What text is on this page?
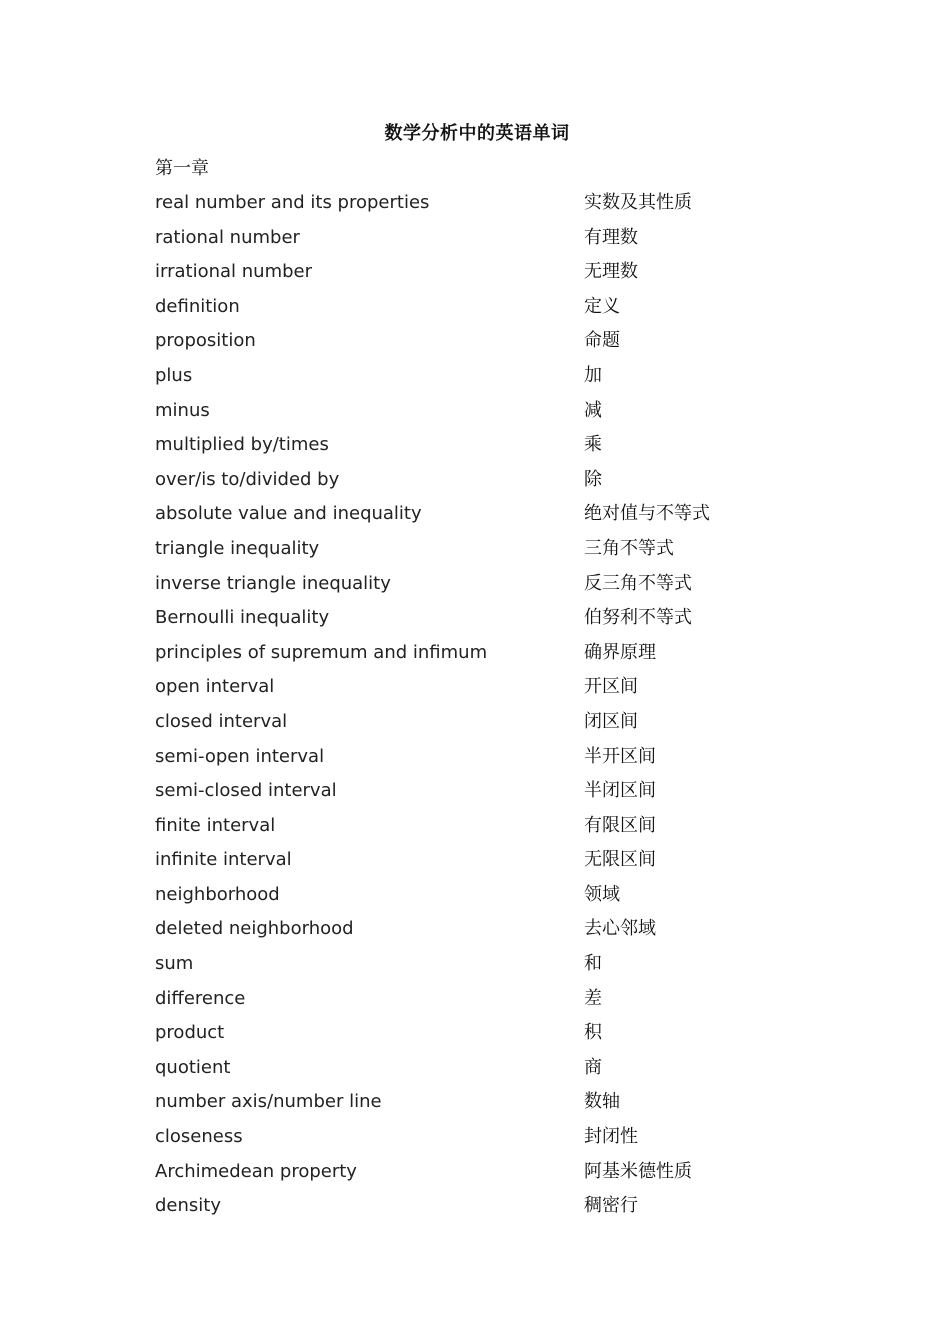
数学分析中的英语单词
第一章
real number and its properties	实数及其性质
rational number	有理数
irrational number	无理数
definition	定义
proposition	命题
plus	加
minus	减
multiplied by/times	乘
over/is to/divided by	除
absolute value and inequality	绝对值与不等式
triangle inequality	三角不等式
inverse triangle inequality	反三角不等式
Bernoulli inequality	伯努利不等式
principles of supremum and infimum	确界原理
open interval	开区间
closed interval	闭区间
semi-open interval	半开区间
semi-closed interval	半闭区间
finite interval	有限区间
infinite interval	无限区间
neighborhood	领域
deleted neighborhood	去心邻域
sum	和
difference	差
product	积
quotient	商
number axis/number line	数轴
closeness	封闭性
Archimedean property	阿基米德性质
density	稠密行
